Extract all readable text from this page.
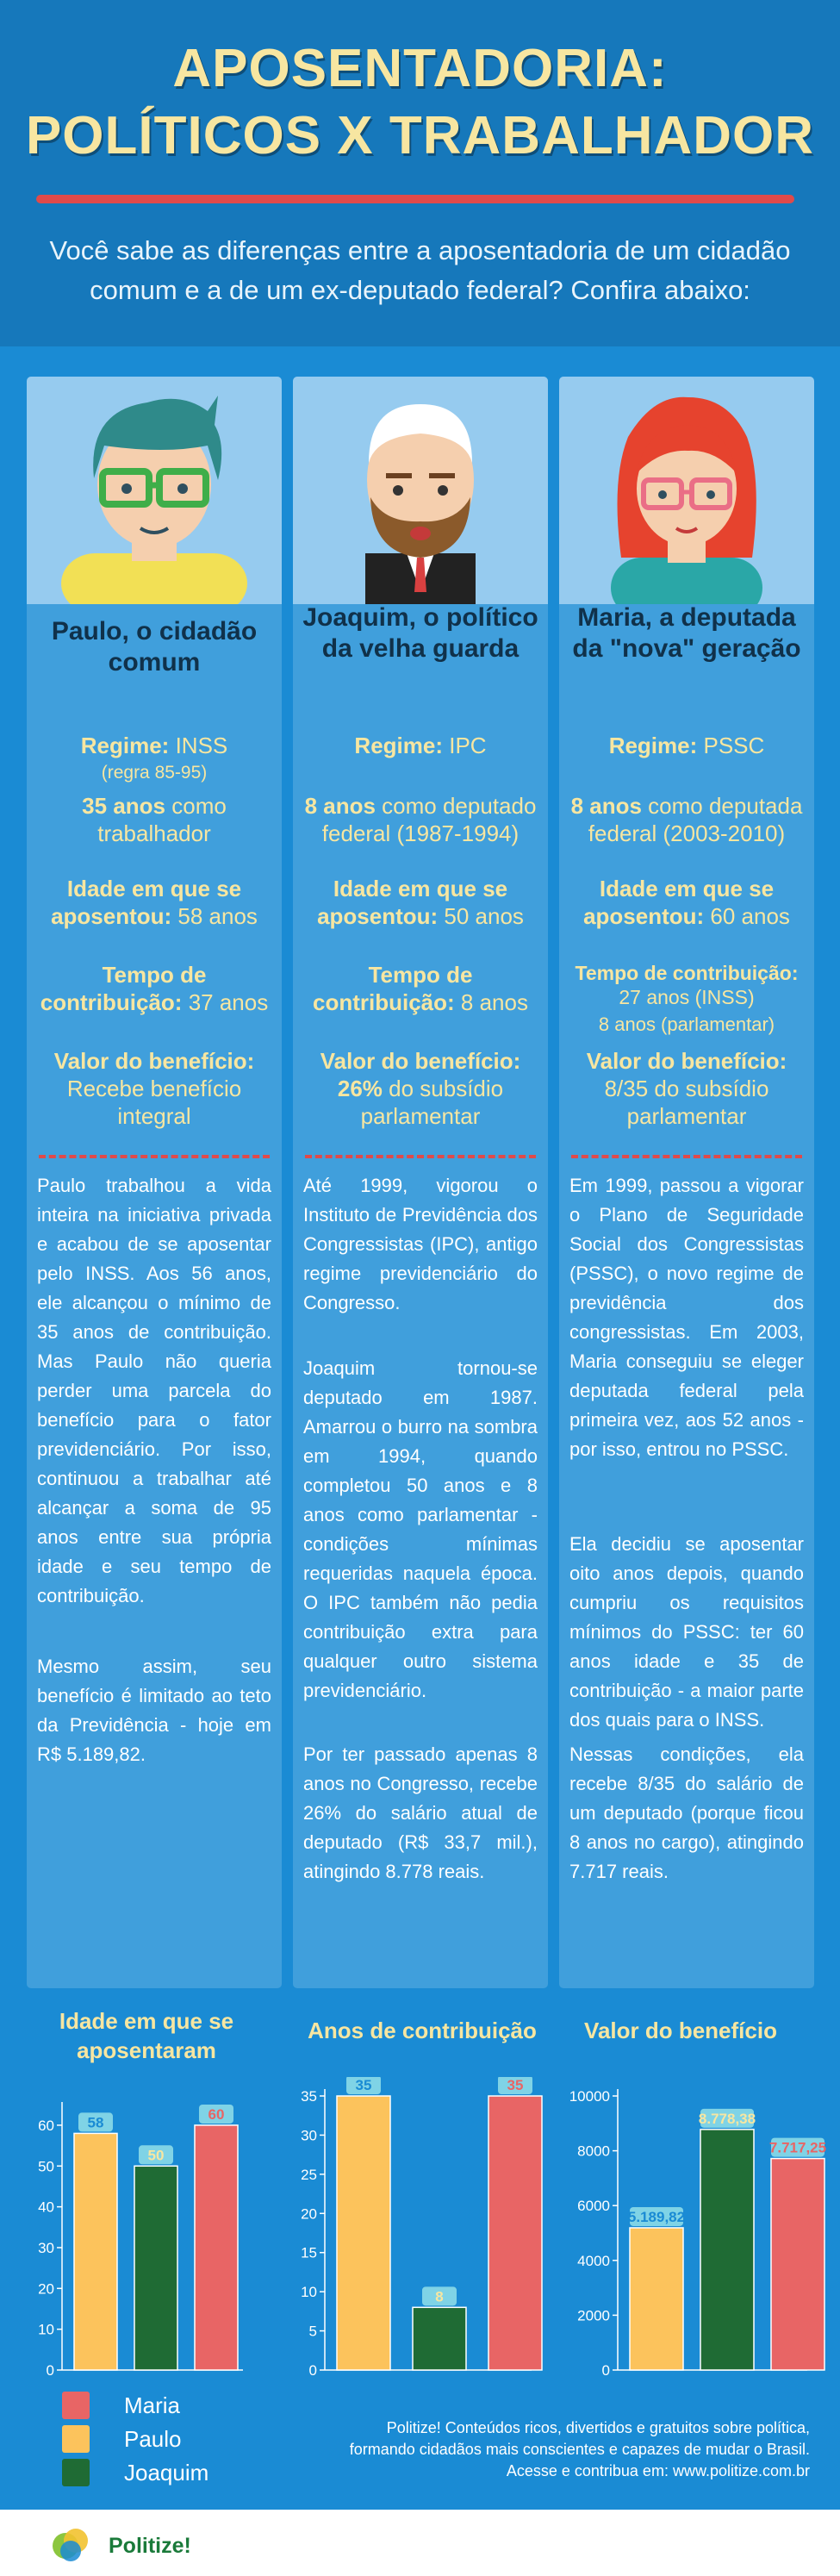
APOSENTADORIA:
POLÍTICOS X TRABALHADOR
Você sabe as diferenças entre a aposentadoria de um cidadão comum e a de um ex-deputado federal? Confira abaixo:
Paulo, o cidadão comum
Regime: INSS
(regra 85-95)
35 anos como trabalhador
Idade em que se aposentou: 58 anos
Tempo de contribuição: 37 anos
Valor do benefício: Recebe benefício integral
Paulo trabalhou a vida inteira na iniciativa privada e acabou de se aposentar pelo INSS. Aos 56 anos, ele alcançou o mínimo de 35 anos de contribuição. Mas Paulo não queria perder uma parcela do benefício para o fator previdenciário. Por isso, continuou a trabalhar até alcançar a soma de 95 anos entre sua própria idade e seu tempo de contribuição.
Mesmo assim, seu benefício é limitado ao teto da Previdência - hoje em R$ 5.189,82.
Joaquim, o político da velha guarda
Regime: IPC
8 anos como deputado federal (1987-1994)
Idade em que se aposentou: 50 anos
Tempo de contribuição: 8 anos
Valor do benefício: 26% do subsídio parlamentar
Até 1999, vigorou o Instituto de Previdência dos Congressistas (IPC), antigo regime previdenciário do Congresso.
Joaquim tornou-se deputado em 1987. Amarrou o burro na sombra em 1994, quando completou 50 anos e 8 anos como parlamentar - condições mínimas requeridas naquela época. O IPC também não pedia contribuição extra para qualquer outro sistema previdenciário.
Por ter passado apenas 8 anos no Congresso, recebe 26% do salário atual de deputado (R$ 33,7 mil.), atingindo 8.778 reais.
Maria, a deputada da "nova" geração
Regime: PSSC
8 anos como deputada federal (2003-2010)
Idade em que se aposentou: 60 anos
Tempo de contribuição: 27 anos (INSS)
8 anos (parlamentar)
Valor do benefício: 8/35 do subsídio parlamentar
Em 1999, passou a vigorar o Plano de Seguridade Social dos Congressistas (PSSC), o novo regime de previdência dos congressistas. Em 2003, Maria conseguiu se eleger deputada federal pela primeira vez, aos 52 anos - por isso, entrou no PSSC.
Ela decidiu se aposentar oito anos depois, quando cumpriu os requisitos mínimos do PSSC: ter 60 anos idade e 35 de contribuição - a maior parte dos quais para o INSS.
Nessas condições, ela recebe 8/35 do salário de um deputado (porque ficou 8 anos no cargo), atingindo 7.717 reais.
Idade em que se aposentaram
Anos de contribuição	Valor do benefício
0
10
20
30
40
50
60 58
50
60
0
5
10
15
20
25
30
35
35
8
35
0
2000
4000
6000
8000
10000
5.189,82
8.778,38
7.717,25
Maria
Paulo
Joaquim
Politize! Conteúdos ricos, divertidos e gratuitos sobre política,
formando cidadãos mais conscientes e capazes de mudar o Brasil.
Acesse e contribua em: www.politize.com.br
Politize!
